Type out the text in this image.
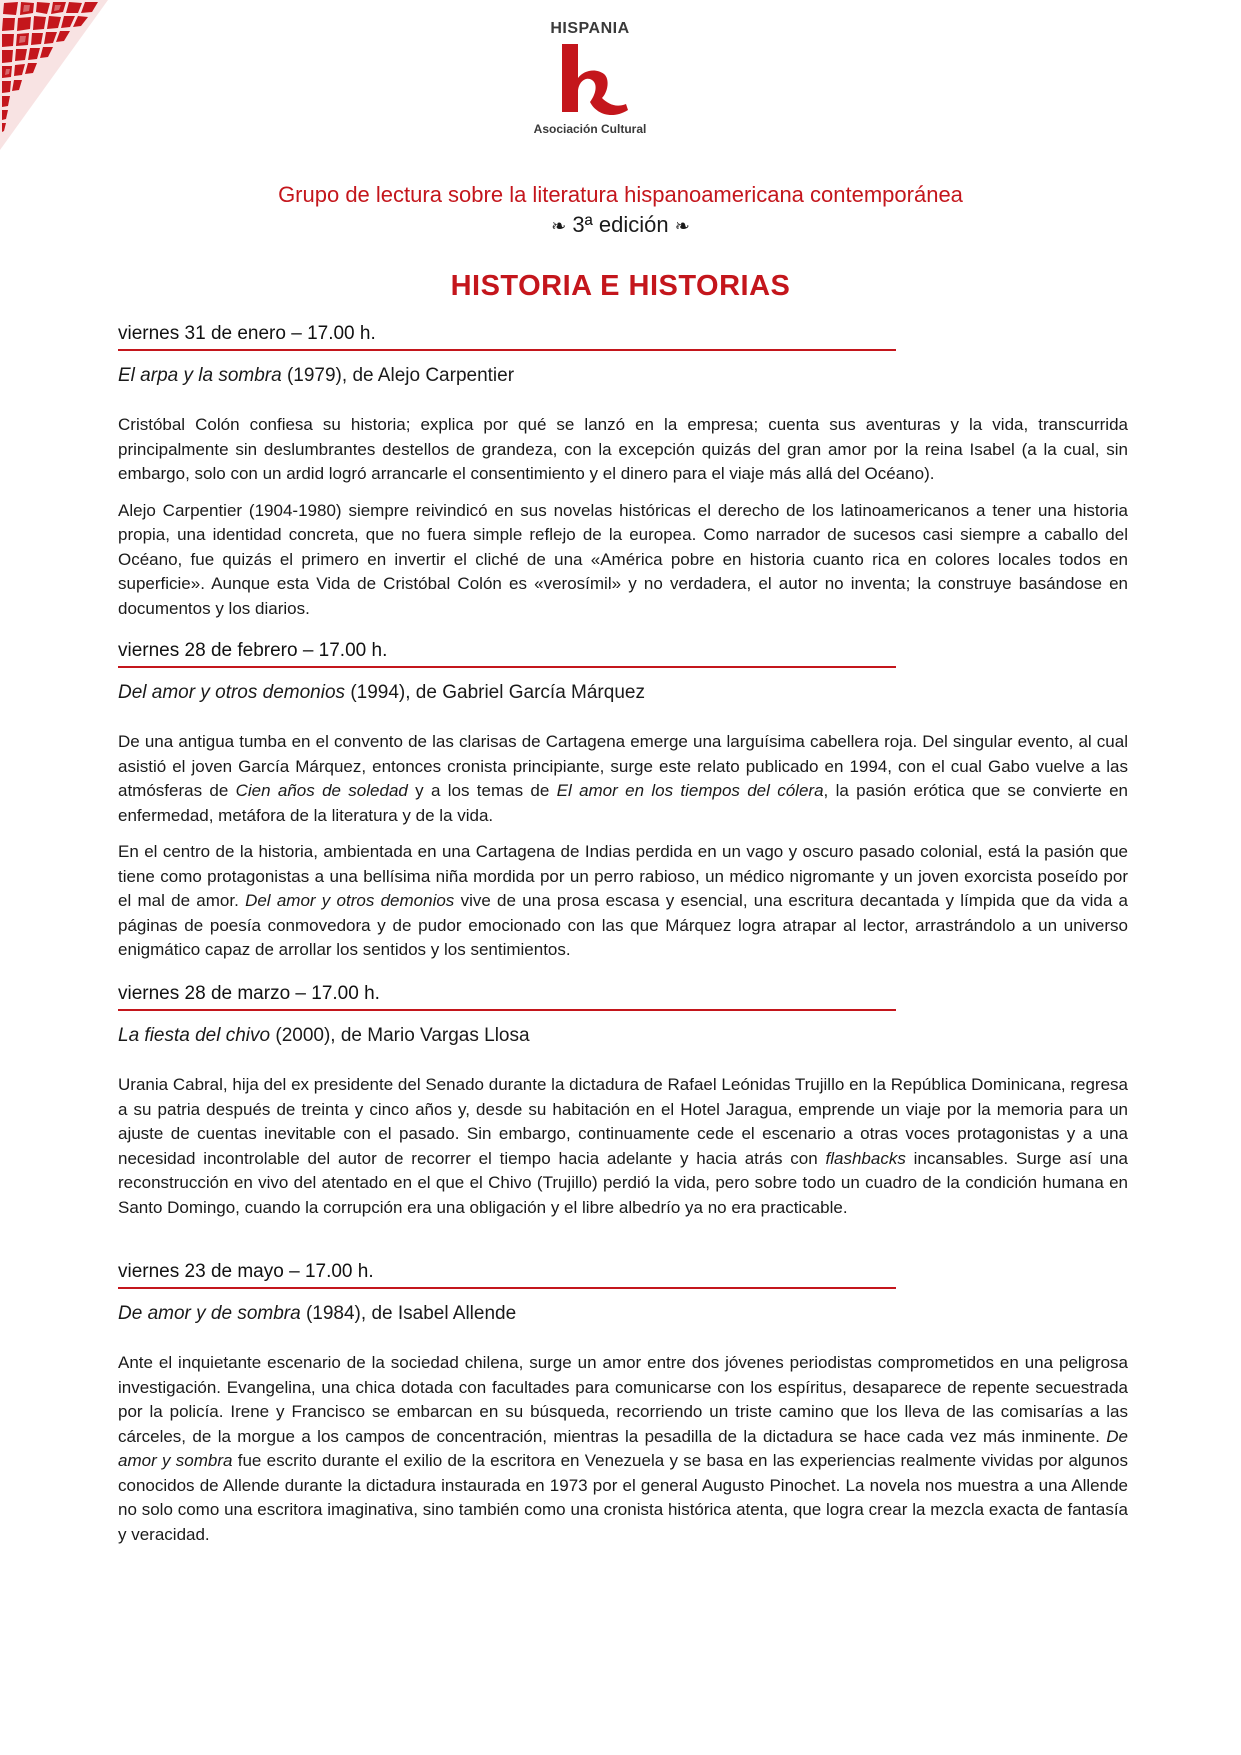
HISPANIA
Asociación Cultural
Grupo de lectura sobre la literatura hispanoamericana contemporánea
❧ 3ª edición ❧
HISTORIA E HISTORIAS
viernes 31 de enero – 17.00 h.
El arpa y la sombra (1979), de Alejo Carpentier

Cristóbal Colón confiesa su historia; explica por qué se lanzó en la empresa; cuenta sus aventuras y la vida, transcurrida principalmente sin deslumbrantes destellos de grandeza, con la excepción quizás del gran amor por la reina Isabel (a la cual, sin embargo, solo con un ardid logró arrancarle el consentimiento y el dinero para el viaje más allá del Océano).

Alejo Carpentier (1904-1980) siempre reivindicó en sus novelas históricas el derecho de los latinoamericanos a tener una historia propia, una identidad concreta, que no fuera simple reflejo de la europea. Como narrador de sucesos casi siempre a caballo del Océano, fue quizás el primero en invertir el cliché de una «América pobre en historia cuanto rica en colores locales todos en superficie». Aunque esta Vida de Cristóbal Colón es «verosímil» y no verdadera, el autor no inventa; la construye basándose en documentos y los diarios.

viernes 28 de febrero – 17.00 h.
Del amor y otros demonios (1994), de Gabriel García Márquez

De una antigua tumba en el convento de las clarisas de Cartagena emerge una larguísima cabellera roja. Del singular evento, al cual asistió el joven García Márquez, entonces cronista principiante, surge este relato publicado en 1994, con el cual Gabo vuelve a las atmósferas de Cien años de soledad y a los temas de El amor en los tiempos del cólera, la pasión erótica que se convierte en enfermedad, metáfora de la literatura y de la vida.

En el centro de la historia, ambientada en una Cartagena de Indias perdida en un vago y oscuro pasado colonial, está la pasión que tiene como protagonistas a una bellísima niña mordida por un perro rabioso, un médico nigromante y un joven exorcista poseído por el mal de amor. Del amor y otros demonios vive de una prosa escasa y esencial, una escritura decantada y límpida que da vida a páginas de poesía conmovedora y de pudor emocionado con las que Márquez logra atrapar al lector, arrastrándolo a un universo enigmático capaz de arrollar los sentidos y los sentimientos.

viernes 28 de marzo – 17.00 h.
La fiesta del chivo (2000), de Mario Vargas Llosa

Urania Cabral, hija del ex presidente del Senado durante la dictadura de Rafael Leónidas Trujillo en la República Dominicana, regresa a su patria después de treinta y cinco años y, desde su habitación en el Hotel Jaragua, emprende un viaje por la memoria para un ajuste de cuentas inevitable con el pasado. Sin embargo, continuamente cede el escenario a otras voces protagonistas y a una necesidad incontrolable del autor de recorrer el tiempo hacia adelante y hacia atrás con flashbacks incansables. Surge así una reconstrucción en vivo del atentado en el que el Chivo (Trujillo) perdió la vida, pero sobre todo un cuadro de la condición humana en Santo Domingo, cuando la corrupción era una obligación y el libre albedrío ya no era practicable.

viernes 23 de mayo – 17.00 h.
De amor y de sombra (1984), de Isabel Allende

Ante el inquietante escenario de la sociedad chilena, surge un amor entre dos jóvenes periodistas comprometidos en una peligrosa investigación. Evangelina, una chica dotada con facultades para comunicarse con los espíritus, desaparece de repente secuestrada por la policía. Irene y Francisco se embarcan en su búsqueda, recorriendo un triste camino que los lleva de las comisarías a las cárceles, de la morgue a los campos de concentración, mientras la pesadilla de la dictadura se hace cada vez más inminente. De amor y sombra fue escrito durante el exilio de la escritora en Venezuela y se basa en las experiencias realmente vividas por algunos conocidos de Allende durante la dictadura instaurada en 1973 por el general Augusto Pinochet. La novela nos muestra a una Allende no solo como una escritora imaginativa, sino también como una cronista histórica atenta, que logra crear la mezcla exacta de fantasía y veracidad.
